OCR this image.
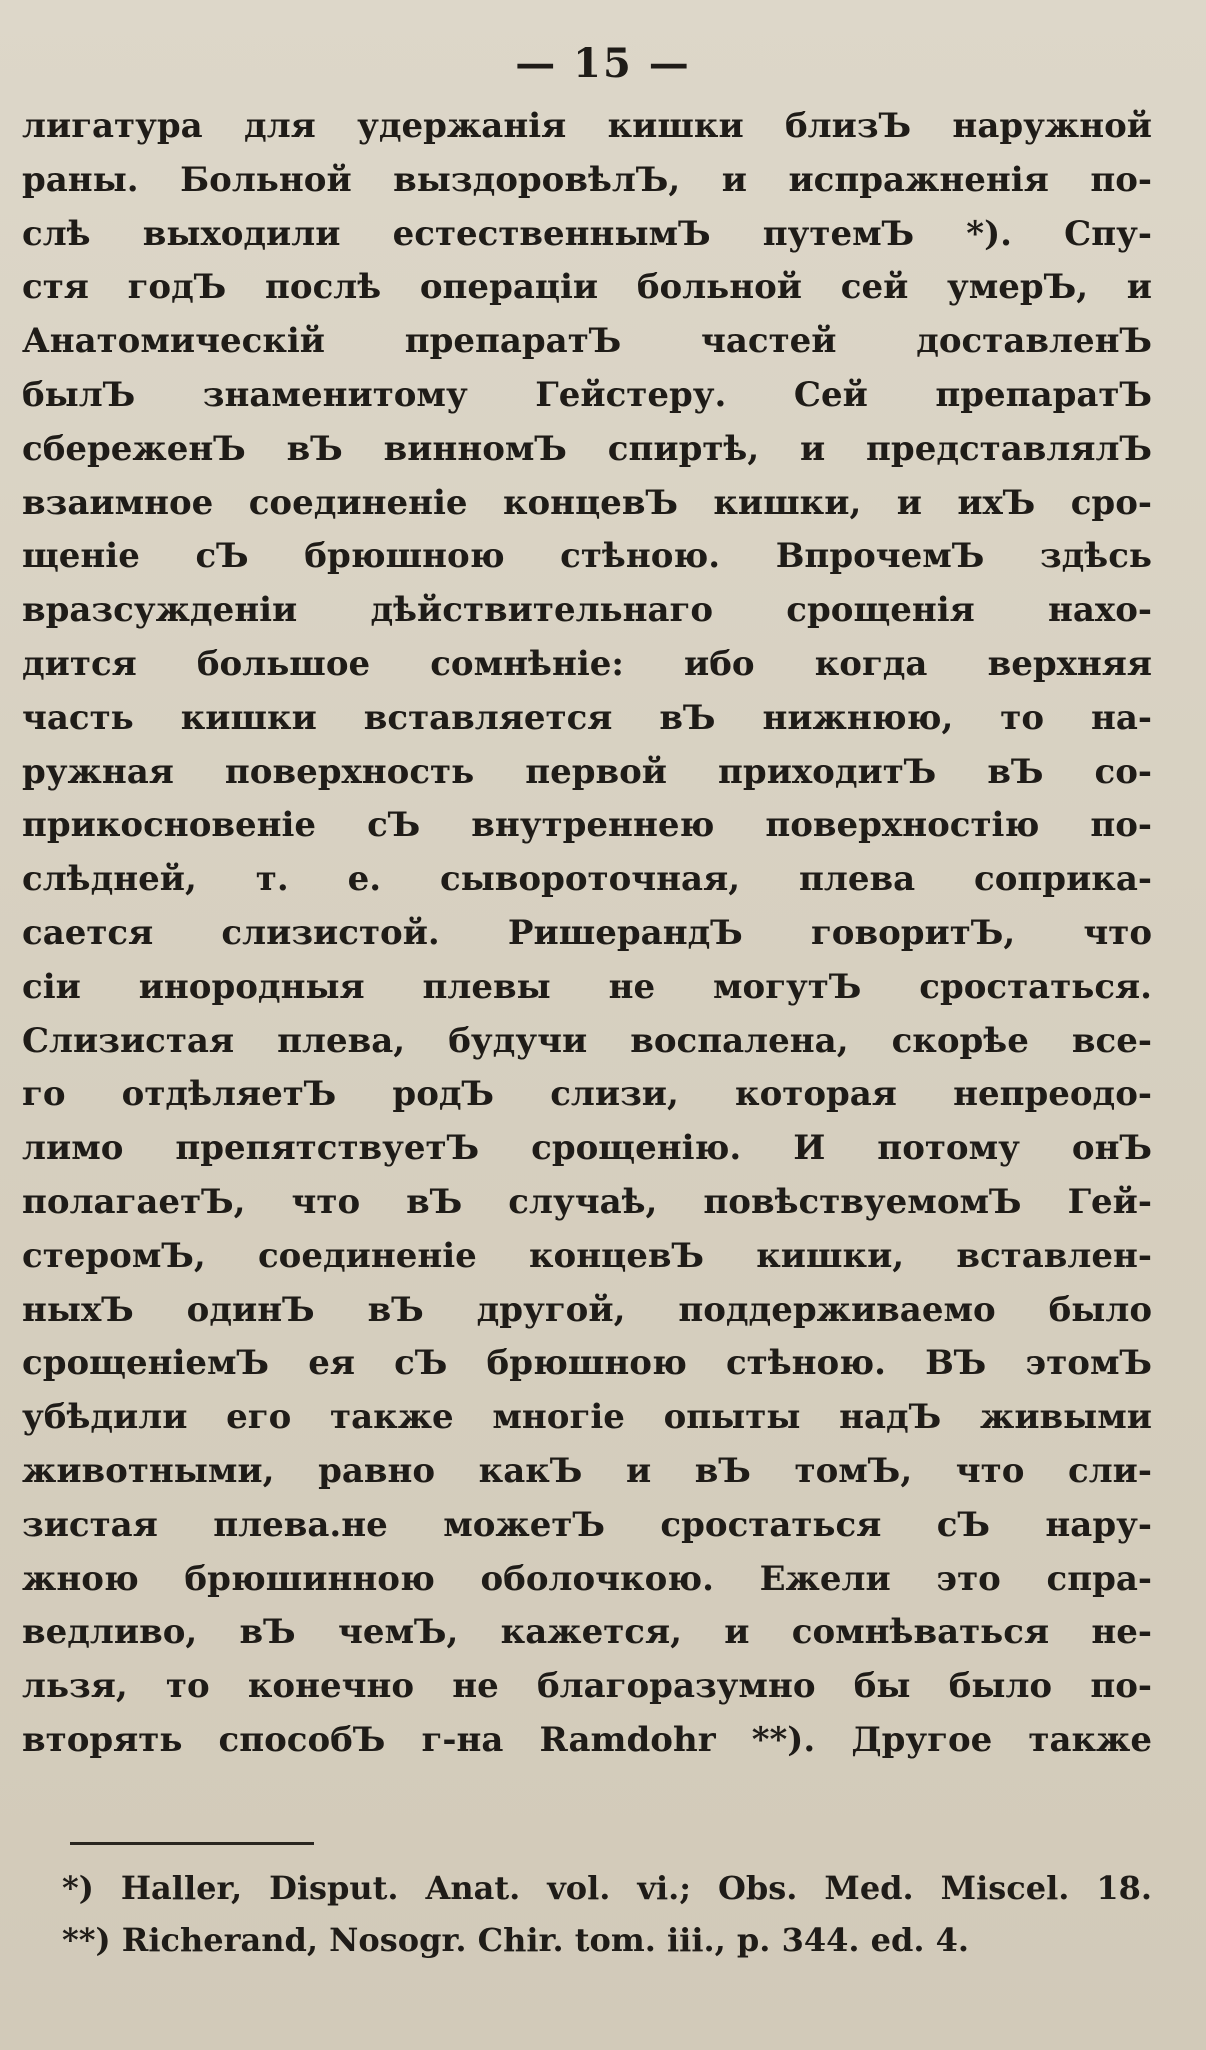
— 15 —
лигатура для удержанія кишки близЪ наружной
раны. Больной выздоровѣлЪ, и испражненія по-
слѣ выходили естественнымЪ путемЪ *). Спу-
стя годЪ послѣ операціи больной сей умерЪ, и
Анатомическій препаратЪ частей доставленЪ
былЪ знаменитому Гейстеру. Сей препаратЪ
сбереженЪ вЪ винномЪ спиртѣ, и представлялЪ
взаимное соединеніе концевЪ кишки, и ихЪ сро-
щеніе сЪ брюшною стѣною. ВпрочемЪ здѣсь
вразсужденіи дѣйствительнаго срощенія нахо-
дится большое сомнѣніе: ибо когда верхняя
часть кишки вставляется вЪ нижнюю, то на-
ружная поверхность первой приходитЪ вЪ со-
прикосновеніе сЪ внутреннею поверхностію по-
слѣдней, т. е. сывороточная, плева соприка-
сается слизистой. РишерандЪ говоритЪ, что
сіи инородныя плевы не могутЪ сростаться.
Слизистая плева, будучи воспалена, скорѣе все-
го отдѣляетЪ родЪ слизи, которая непреодо-
лимо препятствуетЪ срощенію. И потому онЪ
полагаетЪ, что вЪ случаѣ, повѣствуемомЪ Гей-
стеромЪ, соединеніе концевЪ кишки, вставлен-
ныхЪ одинЪ вЪ другой, поддерживаемо было
срощеніемЪ ея сЪ брюшною стѣною. ВЪ этомЪ
убѣдили его также многіе опыты надЪ живыми
животными, равно какЪ и вЪ томЪ, что сли-
зистая плева.не можетЪ сростаться сЪ нару-
жною брюшинною оболочкою. Ежели это спра-
ведливо, вЪ чемЪ, кажется, и сомнѣваться не-
льзя, то конечно не благоразумно бы было по-
вторять способЪ г-на Ramdohr **). Другое также
*) Haller, Disput. Anat. vol. vi.; Obs. Med. Miscel. 18.
**) Richerand, Nosogr. Chir. tom. iii., p. 344. ed. 4.
